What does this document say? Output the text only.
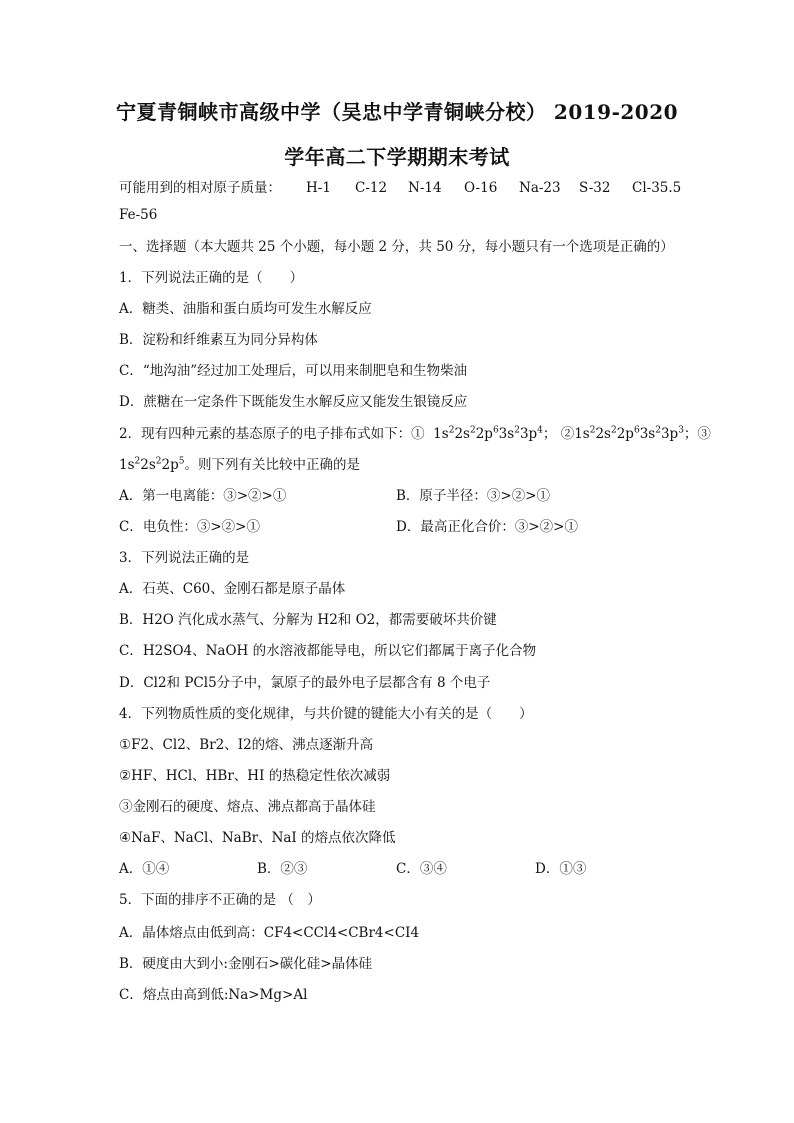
宁夏青铜峡市高级中学（吴忠中学青铜峡分校） 2019-2020
学年高二下学期期末考试
可能用到的相对原子质量： H-1 C-12 N-14 O-16 Na-23 S-32 Cl-35.5
Fe-56
一、选择题（本大题共 25 个小题，每小题 2 分，共 50 分，每小题只有一个选项是正确的）
1．下列说法正确的是（　　）
A．糖类、油脂和蛋白质均可发生水解反应
B．淀粉和纤维素互为同分异构体
C．“地沟油”经过加工处理后，可以用来制肥皂和生物柴油
D．蔗糖在一定条件下既能发生水解反应又能发生银镜反应
2．现有四种元素的基态原子的电子排布式如下：①  $1s^22s^22p^63s^23p^4$； $②1s^22s^22p^63s^23p^3$；③
$1s^22s^22p^5$。则下列有关比较中正确的是
A．第一电离能：③>②>①	B．原子半径：③>②>①
C．电负性：③>②>①	D．最高正化合价：③>②>①
3．下列说法正确的是
A．石英、C60、金刚石都是原子晶体
B．H2O 汽化成水蒸气、分解为 H2和 O2，都需要破坏共价键
C．H2SO4、NaOH 的水溶液都能导电，所以它们都属于离子化合物
D．Cl2和 PCl5分子中，氯原子的最外电子层都含有 8 个电子
4．下列物质性质的变化规律，与共价键的键能大小有关的是（　　）
①F2、Cl2、Br2、I2的熔、沸点逐渐升高
②HF、HCl、HBr、HI 的热稳定性依次减弱
③金刚石的硬度、熔点、沸点都高于晶体硅
④NaF、NaCl、NaBr、NaI 的熔点依次降低
A．①④	B．②③	C．③④	D．①③
5．下面的排序不正确的是 （　）
A．晶体熔点由低到高：CF4<CCl4<CBr4<CI4
B．硬度由大到小:金刚石>碳化硅>晶体硅
C．熔点由高到低:Na>Mg>Al
